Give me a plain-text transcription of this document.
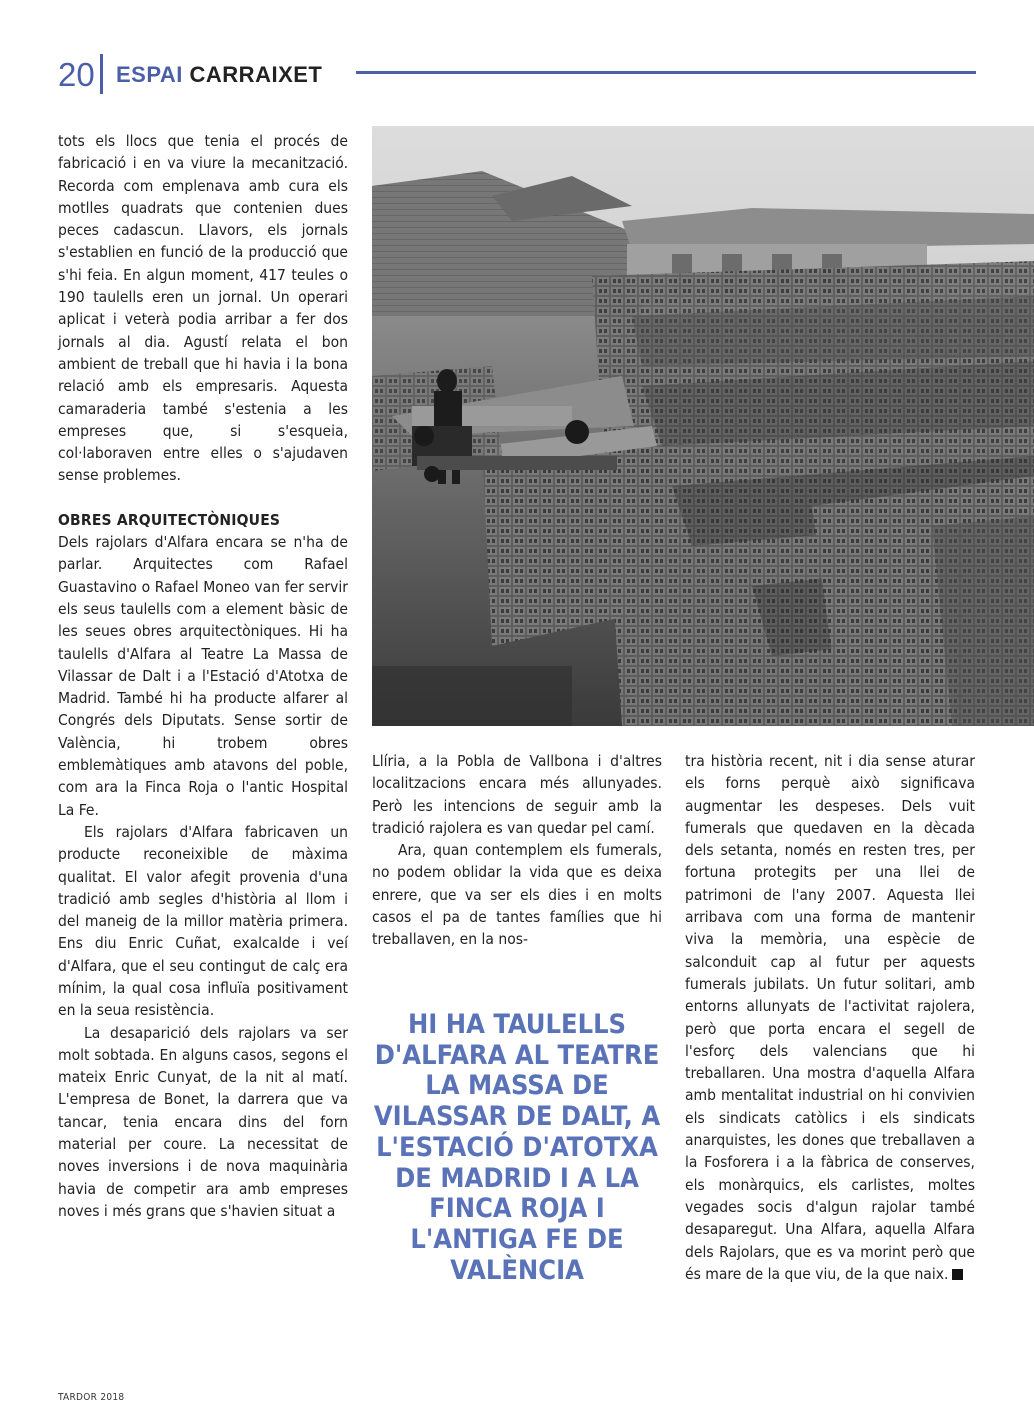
20 ESPAI CARRAIXET

tots els llocs que tenia el procés de fabricació i en va viure la mecanització. Recorda com emplenava amb cura els motlles quadrats que contenien dues peces cadascun. Llavors, els jornals s'establien en funció de la producció que s'hi feia. En algun moment, 417 teules o 190 taulells eren un jornal. Un operari aplicat i veterà podia arribar a fer dos jornals al dia. Agustí relata el bon ambient de treball que hi havia i la bona relació amb els empresaris. Aquesta camaraderia també s'estenia a les empreses que, si s'esqueia, col·laboraven entre elles o s'ajudaven sense problemes.

OBRES ARQUITECTÒNIQUES

Dels rajolars d'Alfara encara se n'ha de parlar. Arquitectes com Rafael Guastavino o Rafael Moneo van fer servir els seus taulells com a element bàsic de les seues obres arquitectòniques. Hi ha taulells d'Alfara al Teatre La Massa de Vilassar de Dalt i a l'Estació d'Atotxa de Madrid. També hi ha producte alfarer al Congrés dels Diputats. Sense sortir de València, hi trobem obres emblemàtiques amb atavons del poble, com ara la Finca Roja o l'antic Hospital La Fe.

Els rajolars d'Alfara fabricaven un producte reconeixible de màxima qualitat. El valor afegit provenia d'una tradició amb segles d'història al llom i del maneig de la millor matèria primera. Ens diu Enric Cuñat, exalcalde i veí d'Alfara, que el seu contingut de calç era mínim, la qual cosa influïa positivament en la seua resistència.

La desaparició dels rajolars va ser molt sobtada. En alguns casos, segons el mateix Enric Cunyat, de la nit al matí. L'empresa de Bonet, la darrera que va tancar, tenia encara dins del forn material per coure. La necessitat de noves inversions i de nova maquinària havia de competir ara amb empreses noves i més grans que s'havien situat a

Llíria, a la Pobla de Vallbona i d'altres localitzacions encara més allunyades. Però les intencions de seguir amb la tradició rajolera es van quedar pel camí.

Ara, quan contemplem els fumerals, no podem oblidar la vida que es deixa enrere, que va ser els dies i en molts casos el pa de tantes famílies que hi treballaven, en la nos-

HI HA TAULELLS D'ALFARA AL TEATRE LA MASSA DE VILASSAR DE DALT, A L'ESTACIÓ D'ATOTXA DE MADRID I A LA FINCA ROJA I L'ANTIGA FE DE VALÈNCIA

tra història recent, nit i dia sense aturar els forns perquè això significava augmentar les despeses. Dels vuit fumerals que quedaven en la dècada dels setanta, només en resten tres, per fortuna protegits per una llei de patrimoni de l'any 2007. Aquesta llei arribava com una forma de mantenir viva la memòria, una espècie de salconduit cap al futur per aquests fumerals jubilats. Un futur solitari, amb entorns allunyats de l'activitat rajolera, però que porta encara el segell de l'esforç dels valencians que hi treballaren. Una mostra d'aquella Alfara amb mentalitat industrial on hi convivien els sindicats catòlics i els sindicats anarquistes, les dones que treballaven a la Fosforera i a la fàbrica de conserves, els monàrquics, els carlistes, moltes vegades socis d'algun rajolar també desaparegut. Una Alfara, aquella Alfara dels Rajolars, que es va morint però que és mare de la que viu, de la que naix.

TARDOR 2018
